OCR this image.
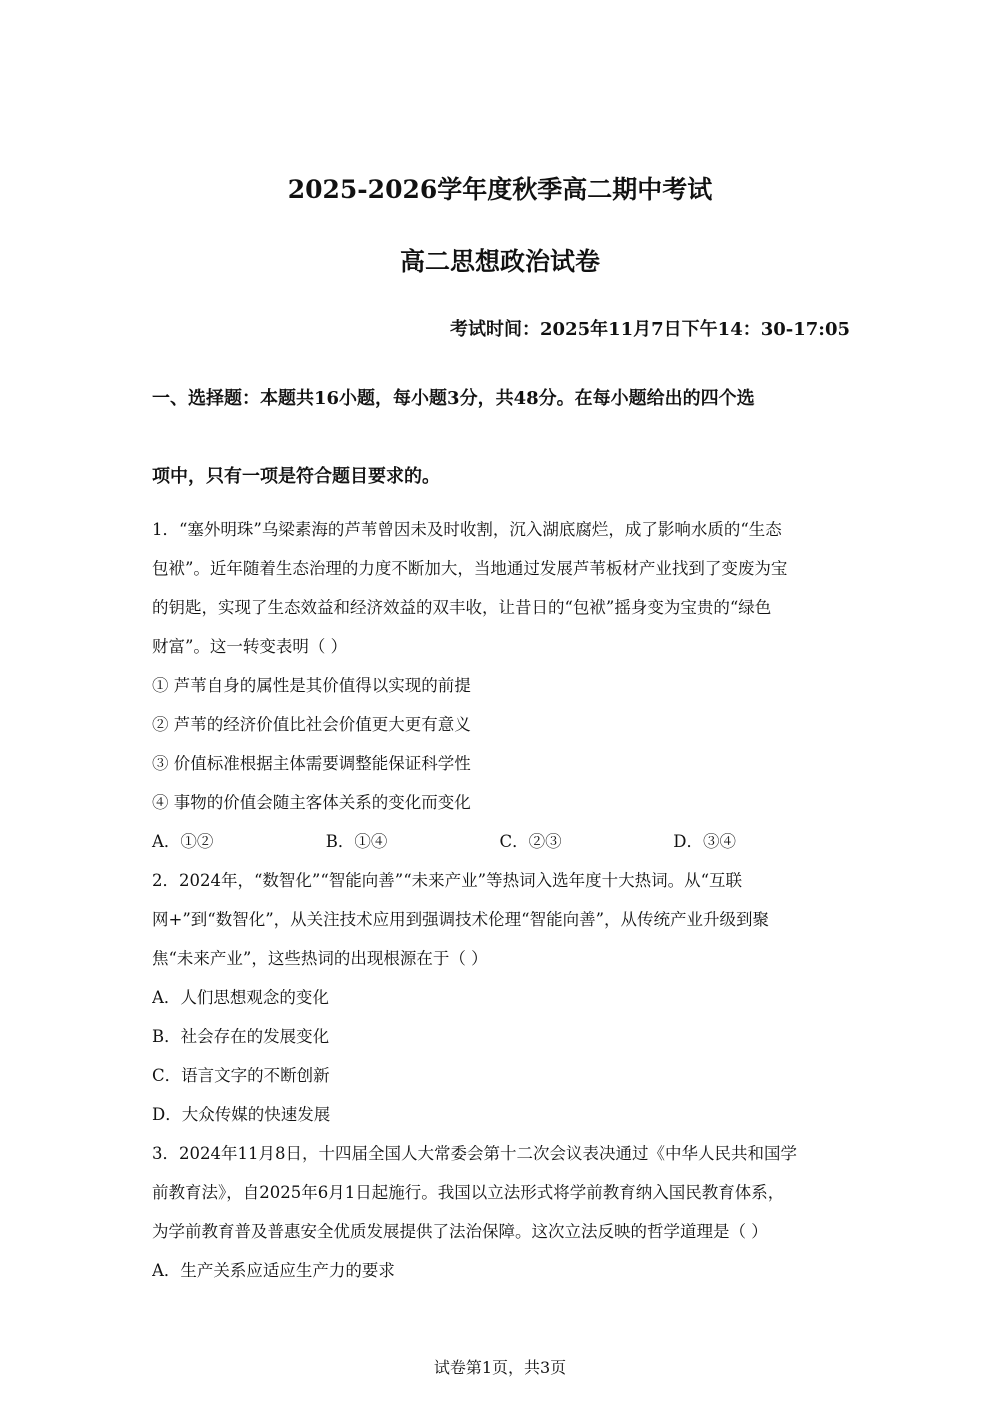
2025-2026学年度秋季高二期中考试
高二思想政治试卷
考试时间：2025年11月7日下午14：30-17:05
一、选择题：本题共16小题，每小题3分，共48分。在每小题给出的四个选
项中，只有一项是符合题目要求的。
1．“塞外明珠”乌梁素海的芦苇曾因未及时收割，沉入湖底腐烂，成了影响水质的“生态
包袱”。近年随着生态治理的力度不断加大，当地通过发展芦苇板材产业找到了变废为宝
的钥匙，实现了生态效益和经济效益的双丰收，让昔日的“包袱”摇身变为宝贵的“绿色
财富”。这一转变表明（ ）
① 芦苇自身的属性是其价值得以实现的前提
② 芦苇的经济价值比社会价值更大更有意义
③ 价值标准根据主体需要调整能保证科学性
④ 事物的价值会随主客体关系的变化而变化
A．①②	B．①④	C．②③	D．③④
2．2024年，“数智化”“智能向善”“未来产业”等热词入选年度十大热词。从“互联
网+”到“数智化”，从关注技术应用到强调技术伦理“智能向善”，从传统产业升级到聚
焦“未来产业”，这些热词的出现根源在于（ ）
A．人们思想观念的变化
B．社会存在的发展变化
C．语言文字的不断创新
D．大众传媒的快速发展
3．2024年11月8日，十四届全国人大常委会第十二次会议表决通过《中华人民共和国学
前教育法》，自2025年6月1日起施行。我国以立法形式将学前教育纳入国民教育体系，
为学前教育普及普惠安全优质发展提供了法治保障。这次立法反映的哲学道理是（ ）
A．生产关系应适应生产力的要求
试卷第1页，共3页
